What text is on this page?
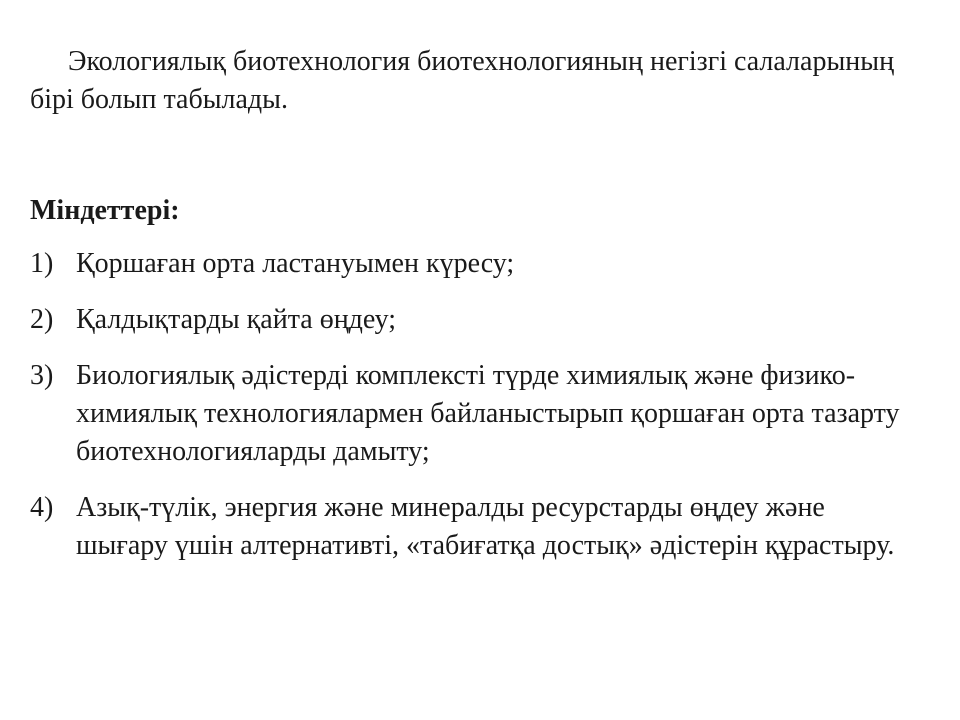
Экологиялық биотехнология биотехнологияның негізгі салаларының бірі болып табылады.

Міндеттері:

1) Қоршаған орта ластануымен күресу;
2) Қалдықтарды қайта өңдеу;
3) Биологиялық әдістерді комплексті түрде химиялық және физико-химиялық технологиялармен байланыстырып қоршаған орта тазарту биотехнологияларды дамыту;
4) Азық-түлік, энергия және минералды ресурстарды өңдеу және шығару үшін алтернативті, «табиғатқа достық» әдістерін құрастыру.
